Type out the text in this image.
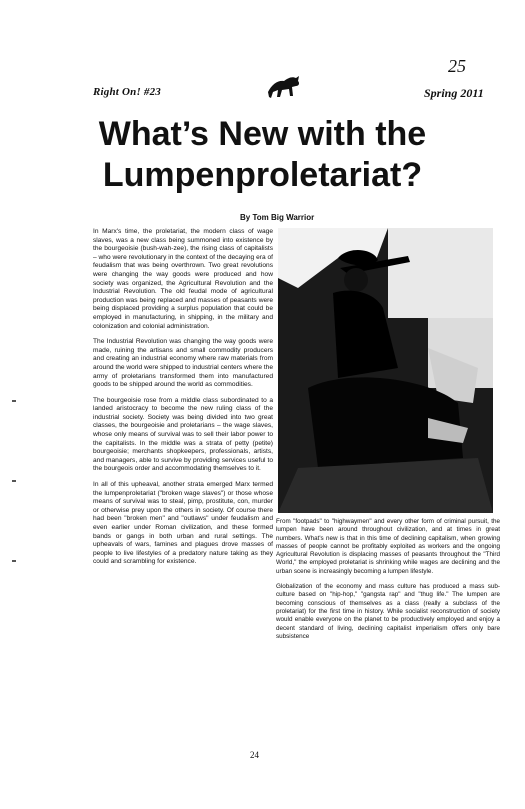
25
Right On! #23	Spring 2011
What’s New with the
Lumpenproletariat?
By Tom Big Warrior

In Marx's time, the proletariat, the modern class of wage slaves, was a new class being summoned into existence by the bourgeoisie (bush-wah-zee), the rising class of capitalists – who were revolutionary in the context of the decaying era of feudalism that was being overthrown. Two great revolutions were changing the way goods were produced and how society was organized, the Agricultural Revolution and the Industrial Revolution. The old feudal mode of agricultural production was being replaced and masses of peasants were being displaced providing a surplus population that could be employed in manufacturing, in shipping, in the military and colonization and colonial administration.

The Industrial Revolution was changing the way goods were made, ruining the artisans and small commodity producers and creating an industrial economy where raw materials from around the world were shipped to industrial centers where the army of proletarians transformed them into manufactured goods to be shipped around the world as commodities.

The bourgeoisie rose from a middle class subordinated to a landed aristocracy to become the new ruling class of the industrial society. Society was being divided into two great classes, the bourgeoisie and proletarians – the wage slaves, whose only means of survival was to sell their labor power to the capitalists. In the middle was a strata of petty (petite) bourgeoisie; merchants shopkeepers, professionals, artists, and managers, able to survive by providing services useful to the bourgeois order and accommodating themselves to it.

In all of this upheaval, another strata emerged Marx termed the lumpenproletariat ("broken wage slaves") or those whose means of survival was to steal, pimp, prostitute, con, murder or otherwise prey upon the others in society. Of course there had been "broken men" and "outlaws" under feudalism and even earlier under Roman civilization, and these formed bands or gangs in both urban and rural settings. The upheavals of wars, famines and plagues drove masses of people to live lifestyles of a predatory nature taking as they could and scrambling for existence.

From "footpads" to "highwaymen" and every other form of criminal pursuit, the lumpen have been around throughout civilization, and at times in great numbers. What's new is that in this time of declining capitalism, when growing masses of people cannot be profitably exploited as workers and the ongoing Agricultural Revolution is displacing masses of peasants throughout the "Third World," the employed proletariat is shrinking while wages are declining and the urban scene is increasingly becoming a lumpen lifestyle.

Globalization of the economy and mass culture has produced a mass sub-culture based on "hip-hop," "gangsta rap" and "thug life." The lumpen are becoming conscious of themselves as a class (really a subclass of the proletariat) for the first time in history. While socialist reconstruction of society would enable everyone on the planet to be productively employed and enjoy a decent standard of living, declining capitalist imperialism offers only bare subsistence

24
